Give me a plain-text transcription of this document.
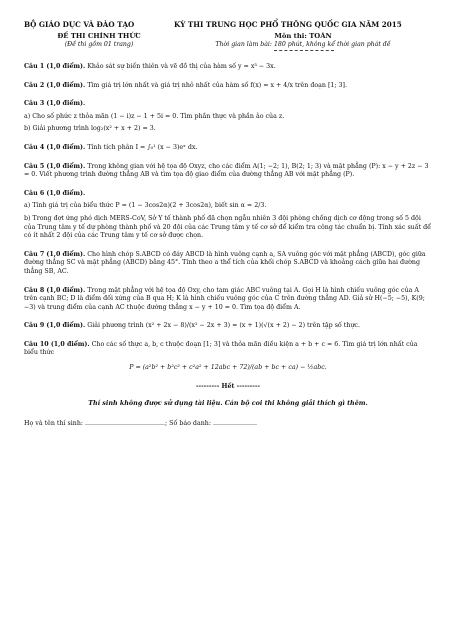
BỘ GIÁO DỤC VÀ ĐÀO TẠO	KỲ THI TRUNG HỌC PHỔ THÔNG QUỐC GIA NĂM 2015
ĐỀ THI CHÍNH THỨC	Môn thi: TOÁN
(Đề thi gồm 01 trang)	Thời gian làm bài: 180 phút, không kể thời gian phát đề
Câu 1 (1,0 điểm). Khảo sát sự biến thiên và vẽ đồ thị của hàm số y = x³ − 3x.
Câu 2 (1,0 điểm). Tìm giá trị lớn nhất và giá trị nhỏ nhất của hàm số f(x) = x + 4/x trên đoạn [1; 3].
Câu 3 (1,0 điểm).
a) Cho số phức z thỏa mãn (1 − i)z − 1 + 5i = 0. Tìm phần thực và phần ảo của z.
b) Giải phương trình log₂(x² + x + 2) = 3.
Câu 4 (1,0 điểm). Tính tích phân I = ∫₀¹ (x − 3)eˣ dx.
Câu 5 (1,0 điểm). Trong không gian với hệ tọa độ Oxyz, cho các điểm A(1; −2; 1), B(2; 1; 3) và mặt phẳng (P): x − y + 2z − 3 = 0. Viết phương trình đường thẳng AB và tìm tọa độ giao điểm của đường thẳng AB với mặt phẳng (P).
Câu 6 (1,0 điểm).
a) Tính giá trị của biểu thức P = (1 − 3cos2α)(2 + 3cos2α), biết sin α = 2/3.
b) Trong đợt ứng phó dịch MERS-CoV, Sở Y tế thành phố đã chọn ngẫu nhiên 3 đội phòng chống dịch cơ động trong số 5 đội của Trung tâm y tế dự phòng thành phố và 20 đội của các Trung tâm y tế cơ sở để kiểm tra công tác chuẩn bị. Tính xác suất để có ít nhất 2 đội của các Trung tâm y tế cơ sở được chọn.
Câu 7 (1,0 điểm). Cho hình chóp S.ABCD có đáy ABCD là hình vuông cạnh a, SA vuông góc với mặt phẳng (ABCD), góc giữa đường thẳng SC và mặt phẳng (ABCD) bằng 45°. Tính theo a thể tích của khối chóp S.ABCD và khoảng cách giữa hai đường thẳng SB, AC.
Câu 8 (1,0 điểm). Trong mặt phẳng với hệ tọa độ Oxy, cho tam giác ABC vuông tại A. Gọi H là hình chiếu vuông góc của A trên cạnh BC; D là điểm đối xứng của B qua H; K là hình chiếu vuông góc của C trên đường thẳng AD. Giả sử H(−5; −5), K(9; −3) và trung điểm của cạnh AC thuộc đường thẳng x − y + 10 = 0. Tìm tọa độ điểm A.
Câu 9 (1,0 điểm). Giải phương trình (x² + 2x − 8)/(x² − 2x + 3) = (x + 1)(√(x + 2) − 2) trên tập số thực.
Câu 10 (1,0 điểm). Cho các số thực a, b, c thuộc đoạn [1; 3] và thỏa mãn điều kiện a + b + c = 6. Tìm giá trị lớn nhất của biểu thức
P = (a²b² + b²c² + c²a² + 12abc + 72)/(ab + bc + ca) − ½abc.
--------- Hết ---------
Thí sinh không được sử dụng tài liệu. Cán bộ coi thi không giải thích gì thêm.
Họ và tên thí sinh: ........................................; Số báo danh: ......................
